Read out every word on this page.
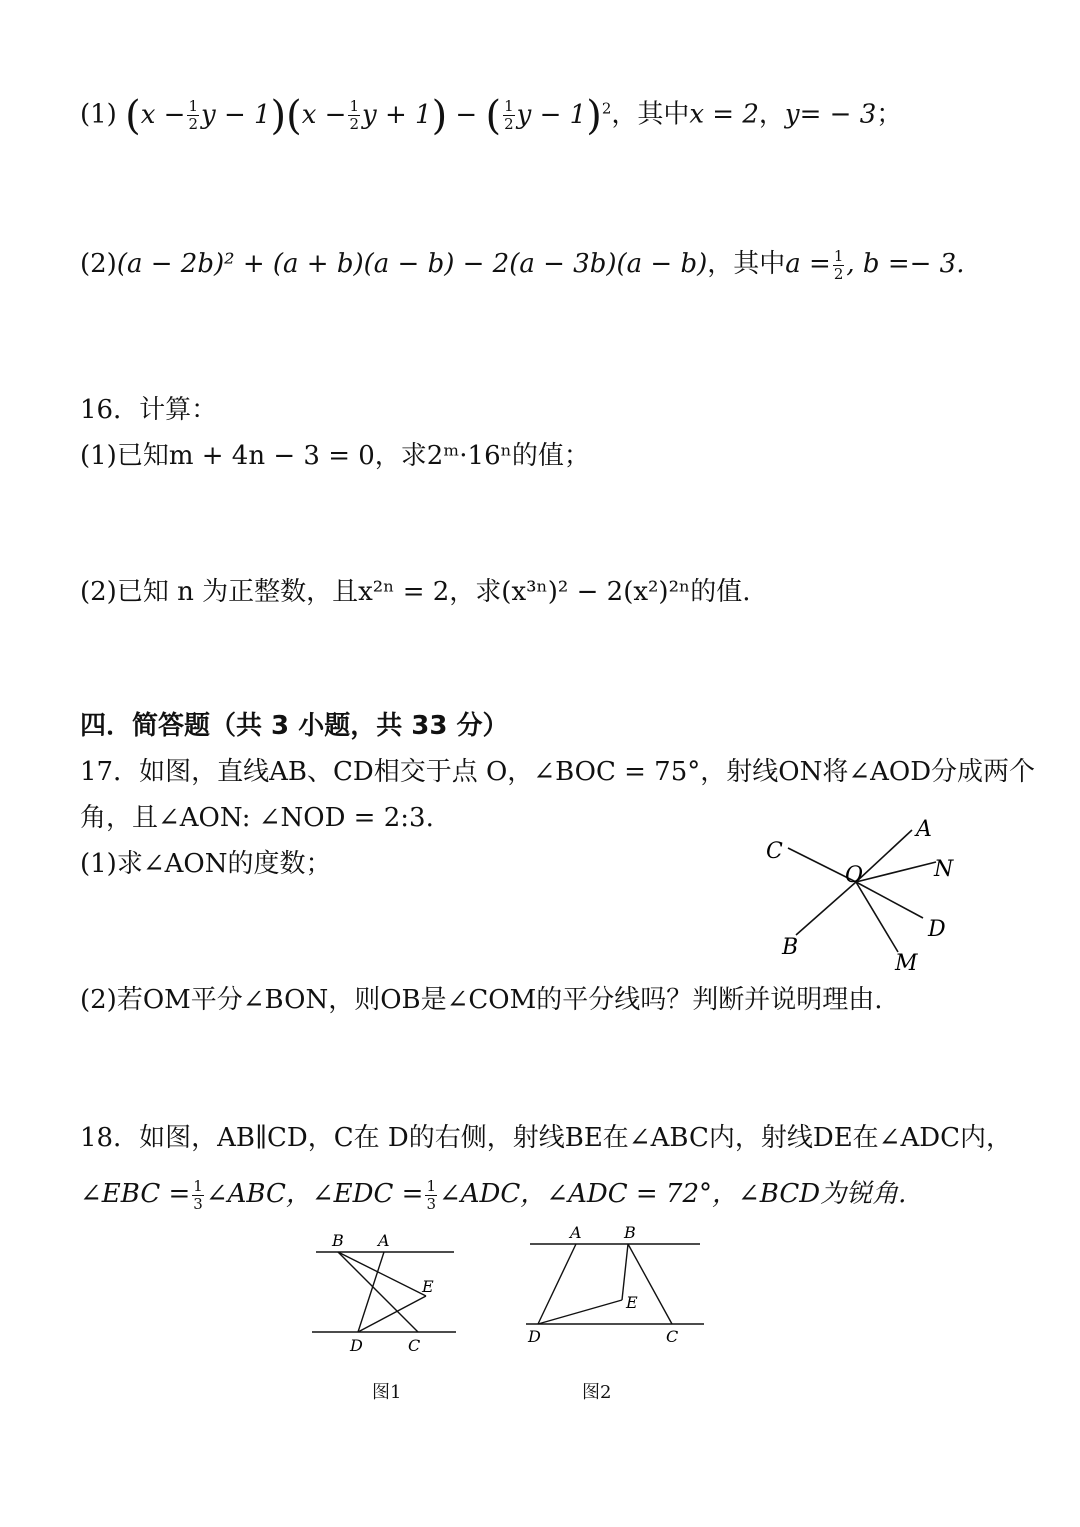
(1) ($x - \frac{1}{2}$ $y - 1)(x - \frac{1}{2}$ y + 1) − ( $\frac{1}{2}$ y − 1)$^2$，其中x = 2，y= − 3；
(2)(a − 2b)² + (a + b)(a − b) − 2(a − 3b)(a − b)，其中$a = \frac{1}{2}$ , b =− 3.
16．计算：
(1)已知m + 4n − 3 = 0，求2ᵐ·16ⁿ的值；
(2)已知 n 为正整数，且x²ⁿ = 2，求(x³ⁿ)² − 2(x²)²ⁿ的值.
四．简答题（共 3 小题，共 33 分）
17．如图，直线AB、CD相交于点 O，∠BOC = 75°，射线ON将∠AOD分成两个
角，且∠AON: ∠NOD = 2:3.
(1)求∠AON的度数；	C
A
O	N
B
D
M
(2)若OM平分∠BON，则OB是∠COM的平分线吗？判断并说明理由.
18．如图，AB∥CD，C在 D的右侧，射线BE在∠ABC内，射线DE在∠ADC内，
∠EBC = $\frac{1}{3}$ ∠ABC，∠EDC = $\frac{1}{3}$ ∠ADC，∠ADC = 72°，∠BCD为锐角.
B A
E
D	C
A	B
E
D	C
图1	图2
